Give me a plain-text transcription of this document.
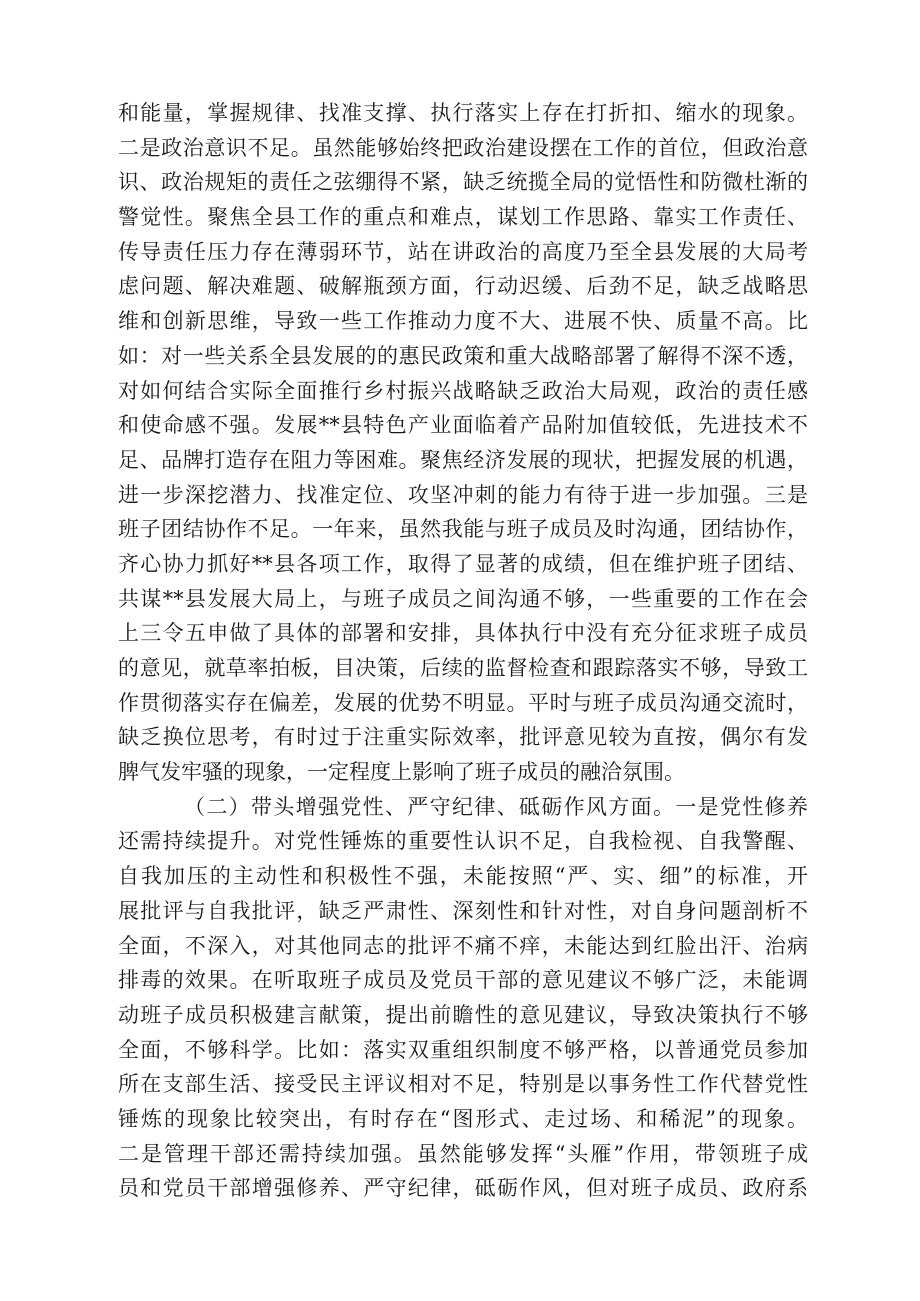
和能量，掌握规律、找准支撑、执行落实上存在打折扣、缩水的现象。
二是政治意识不足。虽然能够始终把政治建设摆在工作的首位，但政治意
识、政治规矩的责任之弦绷得不紧，缺乏统揽全局的觉悟性和防微杜渐的
警觉性。聚焦全县工作的重点和难点，谋划工作思路、靠实工作责任、
传导责任压力存在薄弱环节，站在讲政治的高度乃至全县发展的大局考
虑问题、解决难题、破解瓶颈方面，行动迟缓、后劲不足，缺乏战略思
维和创新思维，导致一些工作推动力度不大、进展不快、质量不高。比
如：对一些关系全县发展的的惠民政策和重大战略部署了解得不深不透，
对如何结合实际全面推行乡村振兴战略缺乏政治大局观，政治的责任感
和使命感不强。发展**县特色产业面临着产品附加值较低，先进技术不
足、品牌打造存在阻力等困难。聚焦经济发展的现状，把握发展的机遇，
进一步深挖潜力、找准定位、攻坚冲刺的能力有待于进一步加强。三是
班子团结协作不足。一年来，虽然我能与班子成员及时沟通，团结协作，
齐心协力抓好**县各项工作，取得了显著的成绩，但在维护班子团结、
共谋**县发展大局上，与班子成员之间沟通不够，一些重要的工作在会
上三令五申做了具体的部署和安排，具体执行中没有充分征求班子成员
的意见，就草率拍板，目决策，后续的监督检查和跟踪落实不够，导致工
作贯彻落实存在偏差，发展的优势不明显。平时与班子成员沟通交流时，
缺乏换位思考，有时过于注重实际效率，批评意见较为直按，偶尔有发
脾气发牢骚的现象，一定程度上影响了班子成员的融洽氛围。
（二）带头增强党性、严守纪律、砥砺作风方面。一是党性修养
还需持续提升。对党性锤炼的重要性认识不足，自我检视、自我警醒、
自我加压的主动性和积极性不强，未能按照“严、实、细”的标准，开
展批评与自我批评，缺乏严肃性、深刻性和针对性，对自身问题剖析不
全面，不深入，对其他同志的批评不痛不痒，未能达到红脸出汗、治病
排毒的效果。在听取班子成员及党员干部的意见建议不够广泛，未能调
动班子成员积极建言献策，提出前瞻性的意见建议，导致决策执行不够
全面，不够科学。比如：落实双重组织制度不够严格，以普通党员参加
所在支部生活、接受民主评议相对不足，特别是以事务性工作代替党性
锤炼的现象比较突出，有时存在“图形式、走过场、和稀泥”的现象。
二是管理干部还需持续加强。虽然能够发挥“头雁”作用，带领班子成
员和党员干部增强修养、严守纪律，砥砺作风，但对班子成员、政府系
